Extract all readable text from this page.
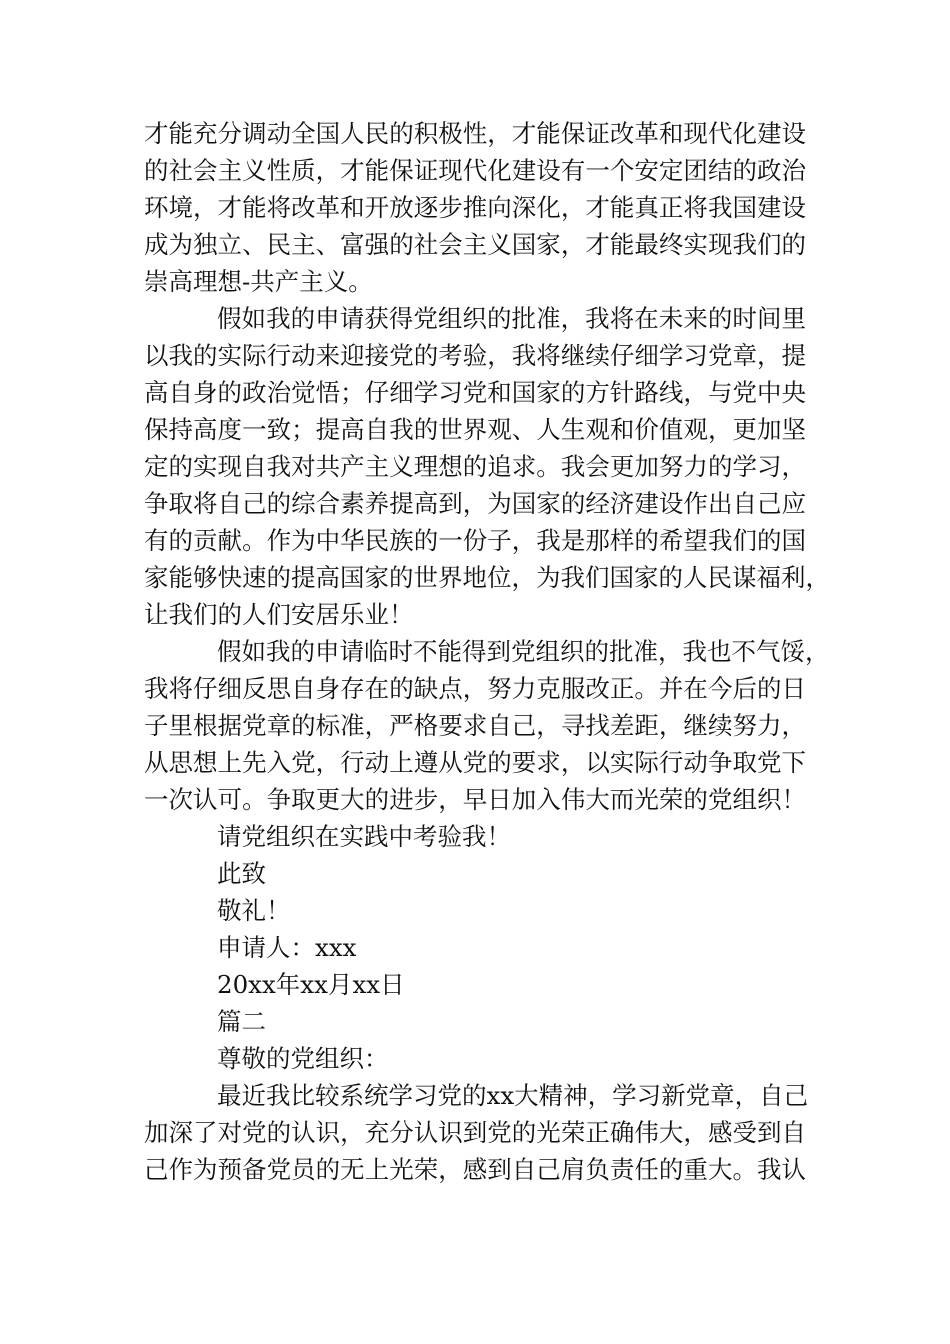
才能充分调动全国人民的积极性，才能保证改革和现代化建设
的社会主义性质，才能保证现代化建设有一个安定团结的政治
环境，才能将改革和开放逐步推向深化，才能真正将我国建设
成为独立、民主、富强的社会主义国家，才能最终实现我们的
崇高理想-共产主义。
假如我的申请获得党组织的批准，我将在未来的时间里
以我的实际行动来迎接党的考验，我将继续仔细学习党章，提
高自身的政治觉悟；仔细学习党和国家的方针路线，与党中央
保持高度一致；提高自我的世界观、人生观和价值观，更加坚
定的实现自我对共产主义理想的追求。我会更加努力的学习，
争取将自己的综合素养提高到，为国家的经济建设作出自己应
有的贡献。作为中华民族的一份子，我是那样的希望我们的国
家能够快速的提高国家的世界地位，为我们国家的人民谋福利，
让我们的人们安居乐业！
假如我的申请临时不能得到党组织的批准，我也不气馁，
我将仔细反思自身存在的缺点，努力克服改正。并在今后的日
子里根据党章的标准，严格要求自己，寻找差距，继续努力，
从思想上先入党，行动上遵从党的要求，以实际行动争取党下
一次认可。争取更大的进步，早日加入伟大而光荣的党组织！
请党组织在实践中考验我！
此致
敬礼！
申请人：xxx
20xx年xx月xx日
篇二
尊敬的党组织：
最近我比较系统学习党的xx大精神，学习新党章，自己
加深了对党的认识，充分认识到党的光荣正确伟大，感受到自
己作为预备党员的无上光荣，感到自己肩负责任的重大。我认
